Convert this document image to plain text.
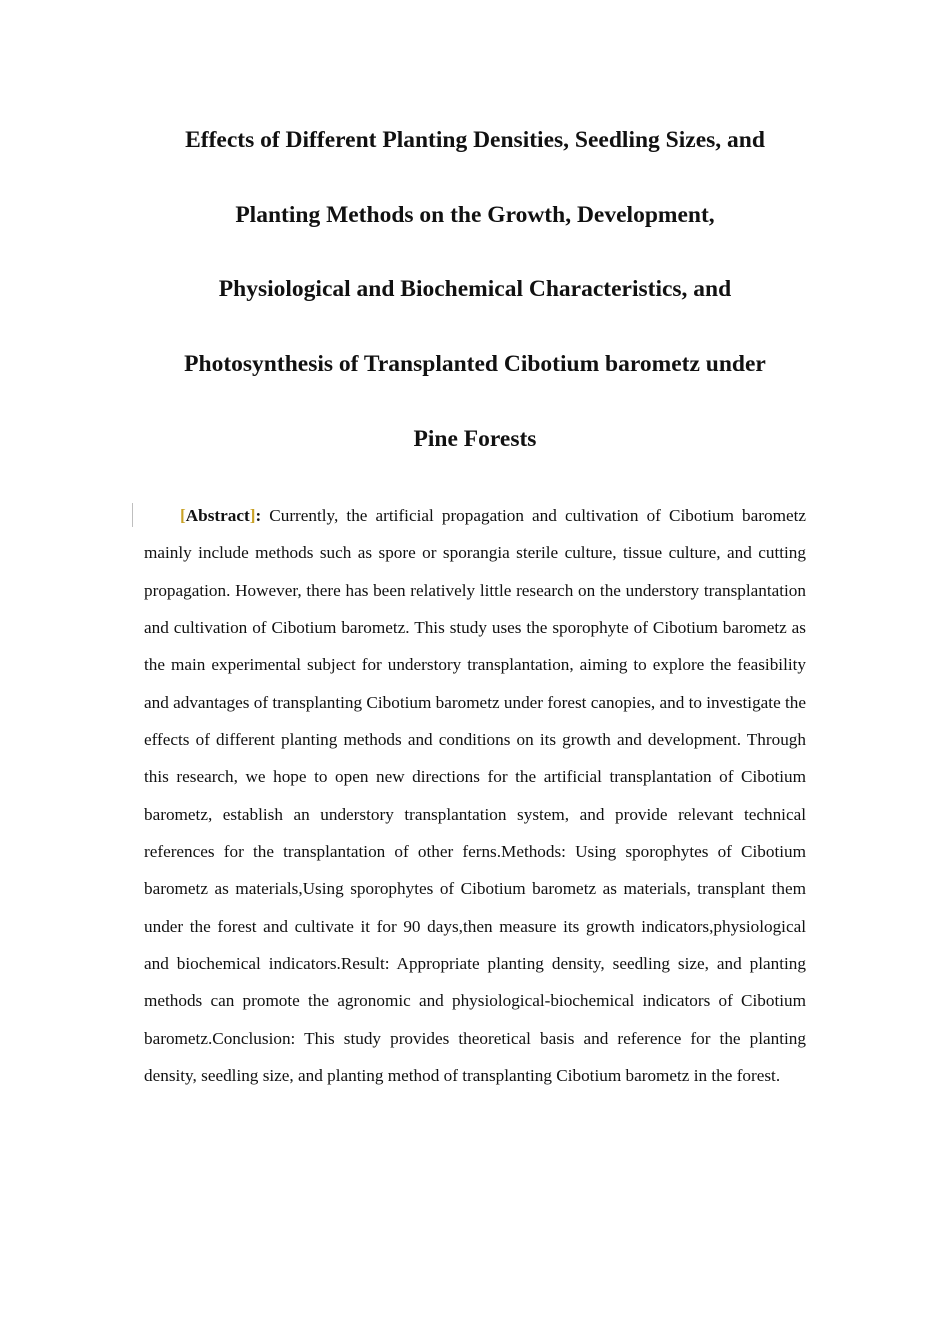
Effects of Different Planting Densities, Seedling Sizes, and
Planting Methods on the Growth, Development,
Physiological and Biochemical Characteristics, and
Photosynthesis of Transplanted Cibotium barometz under
Pine Forests

[Abstract]: Currently, the artificial propagation and cultivation of Cibotium barometz mainly include methods such as spore or sporangia sterile culture, tissue culture, and cutting propagation. However, there has been relatively little research on the understory transplantation and cultivation of Cibotium barometz. This study uses the sporophyte of Cibotium barometz as the main experimental subject for understory transplantation, aiming to explore the feasibility and advantages of transplanting Cibotium barometz under forest canopies, and to investigate the effects of different planting methods and conditions on its growth and development. Through this research, we hope to open new directions for the artificial transplantation of Cibotium barometz, establish an understory transplantation system, and provide relevant technical references for the transplantation of other ferns.Methods: Using sporophytes of Cibotium barometz as materials,Using sporophytes of Cibotium barometz as materials, transplant them under the forest and cultivate it for 90 days,then measure its growth indicators,physiological and biochemical indicators.Result: Appropriate planting density, seedling size, and planting methods can promote the agronomic and physiological-biochemical indicators of Cibotium barometz.Conclusion: This study provides theoretical basis and reference for the planting density, seedling size, and planting method of transplanting Cibotium barometz in the forest.
